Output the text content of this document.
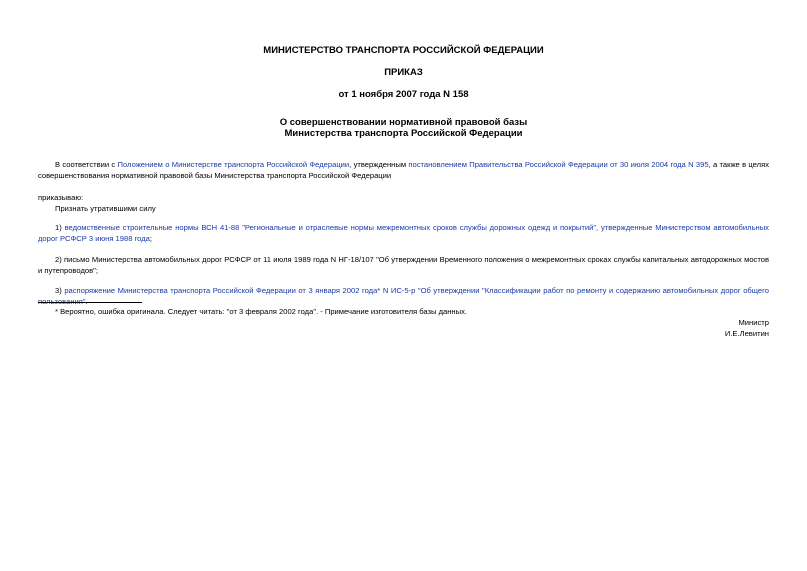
МИНИСТЕРСТВО ТРАНСПОРТА РОССИЙСКОЙ ФЕДЕРАЦИИ
ПРИКАЗ
от 1 ноября 2007 года N 158
О совершенствовании нормативной правовой базы
Министерства транспорта Российской Федерации
В соответствии с Положением о Министерстве транспорта Российской Федерации, утвержденным постановлением Правительства Российской Федерации от 30 июля 2004 года N 395, а также в целях совершенствования нормативной правовой базы Министерства транспорта Российской Федерации
приказываю:
Признать утратившими силу
1) ведомственные строительные нормы ВСН 41-88 "Региональные и отраслевые нормы межремонтных сроков службы дорожных одежд и покрытий", утвержденные Министерством автомобильных дорог РСФСР 3 июня 1988 года;
2) письмо Министерства автомобильных дорог РСФСР от 11 июля 1989 года N НГ-18/107 "Об утверждении Временного положения о межремонтных сроках службы капитальных автодорожных мостов и путепроводов";
3) распоряжение Министерства транспорта Российской Федерации от 3 января 2002 года* N ИС-5-р "Об утверждении "Классификации работ по ремонту и содержанию автомобильных дорог общего пользования".
* Вероятно, ошибка оригинала. Следует читать: "от 3 февраля 2002 года". - Примечание изготовителя базы данных.
Министр
И.Е.Левитин
